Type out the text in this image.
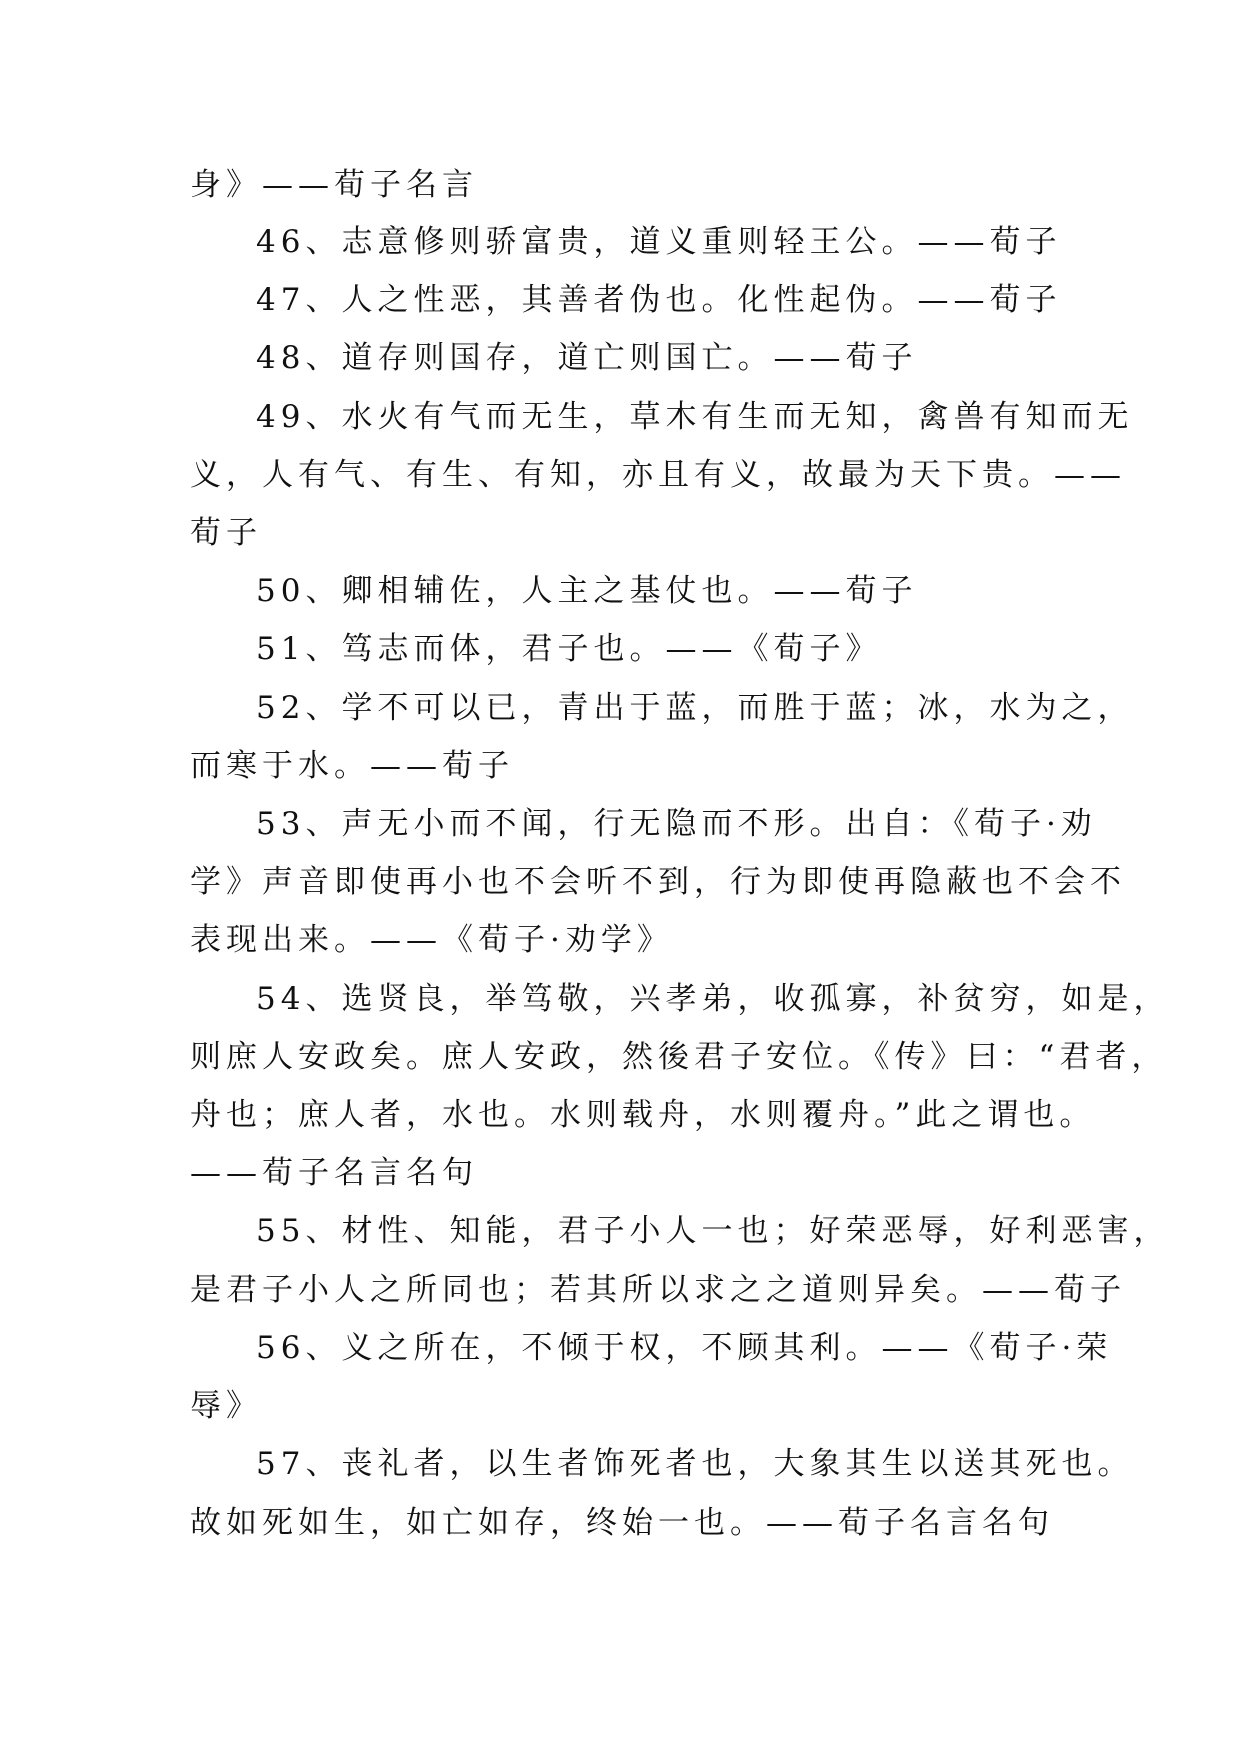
身》——荀子名言

46、志意修则骄富贵，道义重则轻王公。——荀子

47、人之性恶，其善者伪也。化性起伪。——荀子

48、道存则国存，道亡则国亡。——荀子

49、水火有气而无生，草木有生而无知，禽兽有知而无

义，人有气、有生、有知，亦且有义，故最为天下贵。——

荀子

50、卿相辅佐，人主之基仗也。——荀子

51、笃志而体，君子也。——《荀子》

52、学不可以已，青出于蓝，而胜于蓝；冰，水为之，

而寒于水。——荀子

53、声无小而不闻，行无隐而不形。出自：《荀子·劝

学》声音即使再小也不会听不到，行为即使再隐蔽也不会不

表现出来。——《荀子·劝学》

54、选贤良，举笃敬，兴孝弟，收孤寡，补贫穷，如是，

则庶人安政矣。庶人安政，然後君子安位。《传》曰：“君者，

舟也；庶人者，水也。水则载舟，水则覆舟。”此之谓也。

——荀子名言名句

55、材性、知能，君子小人一也；好荣恶辱，好利恶害，

是君子小人之所同也；若其所以求之之道则异矣。——荀子

56、义之所在，不倾于权，不顾其利。——《荀子·荣

辱》

57、丧礼者，以生者饰死者也，大象其生以送其死也。

故如死如生，如亡如存，终始一也。——荀子名言名句
